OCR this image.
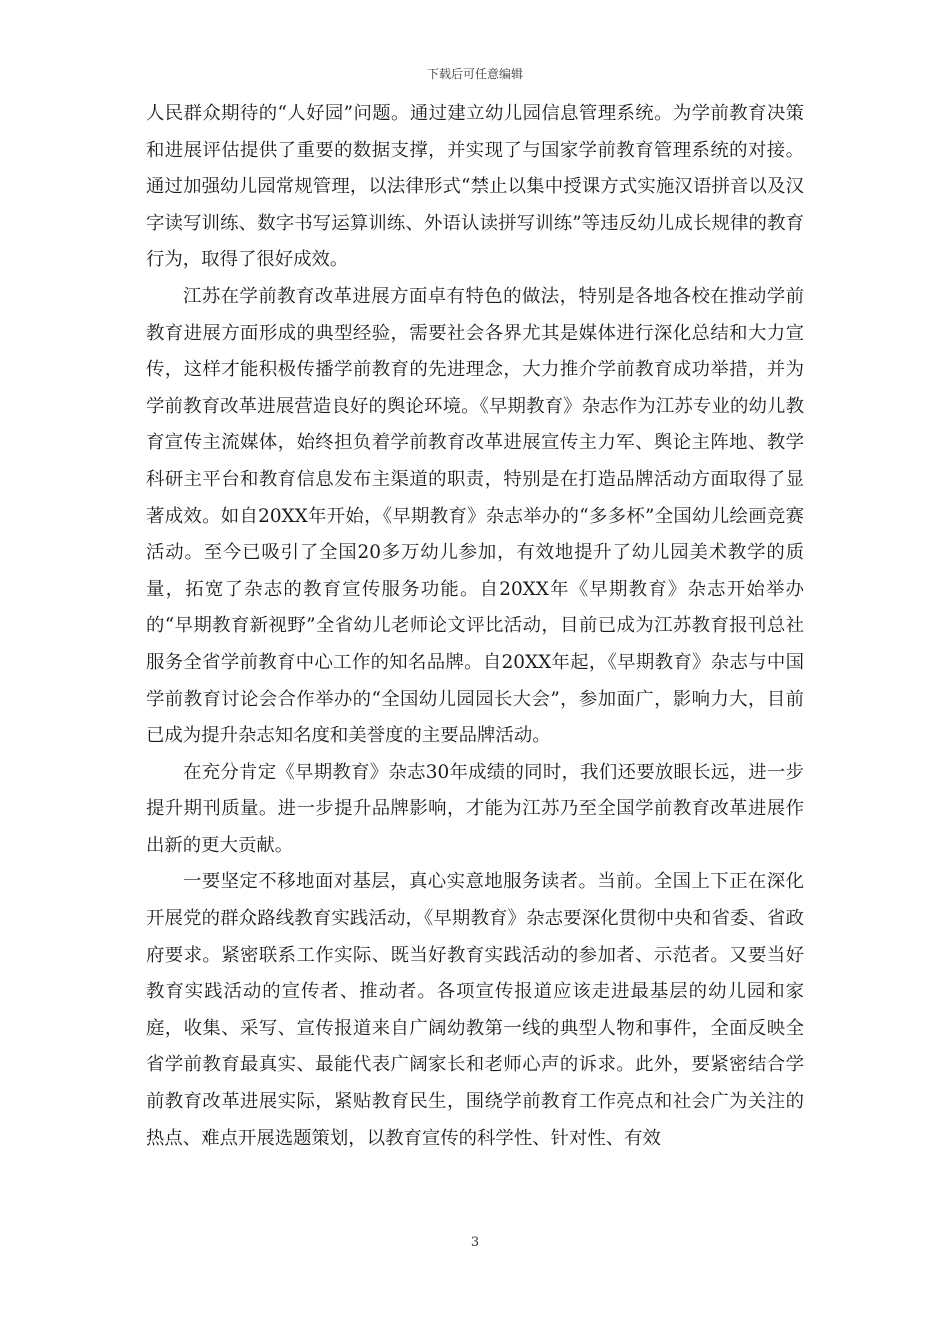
下载后可任意编辑

人民群众期待的“人好园”问题。通过建立幼儿园信息管理系统。为学前教育决策和进展评估提供了重要的数据支撑，并实现了与国家学前教育管理系统的对接。通过加强幼儿园常规管理，以法律形式“禁止以集中授课方式实施汉语拼音以及汉字读写训练、数字书写运算训练、外语认读拼写训练”等违反幼儿成长规律的教育行为，取得了很好成效。

江苏在学前教育改革进展方面卓有特色的做法，特别是各地各校在推动学前教育进展方面形成的典型经验，需要社会各界尤其是媒体进行深化总结和大力宣传，这样才能积极传播学前教育的先进理念，大力推介学前教育成功举措，并为学前教育改革进展营造良好的舆论环境。《早期教育》杂志作为江苏专业的幼儿教育宣传主流媒体，始终担负着学前教育改革进展宣传主力军、舆论主阵地、教学科研主平台和教育信息发布主渠道的职责，特别是在打造品牌活动方面取得了显著成效。如自20XX年开始，《早期教育》杂志举办的“多多杯”全国幼儿绘画竞赛活动。至今已吸引了全国20多万幼儿参加，有效地提升了幼儿园美术教学的质量，拓宽了杂志的教育宣传服务功能。自20XX年《早期教育》杂志开始举办的“早期教育新视野”全省幼儿老师论文评比活动，目前已成为江苏教育报刊总社服务全省学前教育中心工作的知名品牌。自20XX年起，《早期教育》杂志与中国学前教育讨论会合作举办的“全国幼儿园园长大会”，参加面广，影响力大，目前已成为提升杂志知名度和美誉度的主要品牌活动。

在充分肯定《早期教育》杂志30年成绩的同时，我们还要放眼长远，进一步提升期刊质量。进一步提升品牌影响，才能为江苏乃至全国学前教育改革进展作出新的更大贡献。

一要坚定不移地面对基层，真心实意地服务读者。当前。全国上下正在深化开展党的群众路线教育实践活动，《早期教育》杂志要深化贯彻中央和省委、省政府要求。紧密联系工作实际、既当好教育实践活动的参加者、示范者。又要当好教育实践活动的宣传者、推动者。各项宣传报道应该走进最基层的幼儿园和家庭，收集、采写、宣传报道来自广阔幼教第一线的典型人物和事件，全面反映全省学前教育最真实、最能代表广阔家长和老师心声的诉求。此外，要紧密结合学前教育改革进展实际，紧贴教育民生，围绕学前教育工作亮点和社会广为关注的热点、难点开展选题策划，以教育宣传的科学性、针对性、有效

3
